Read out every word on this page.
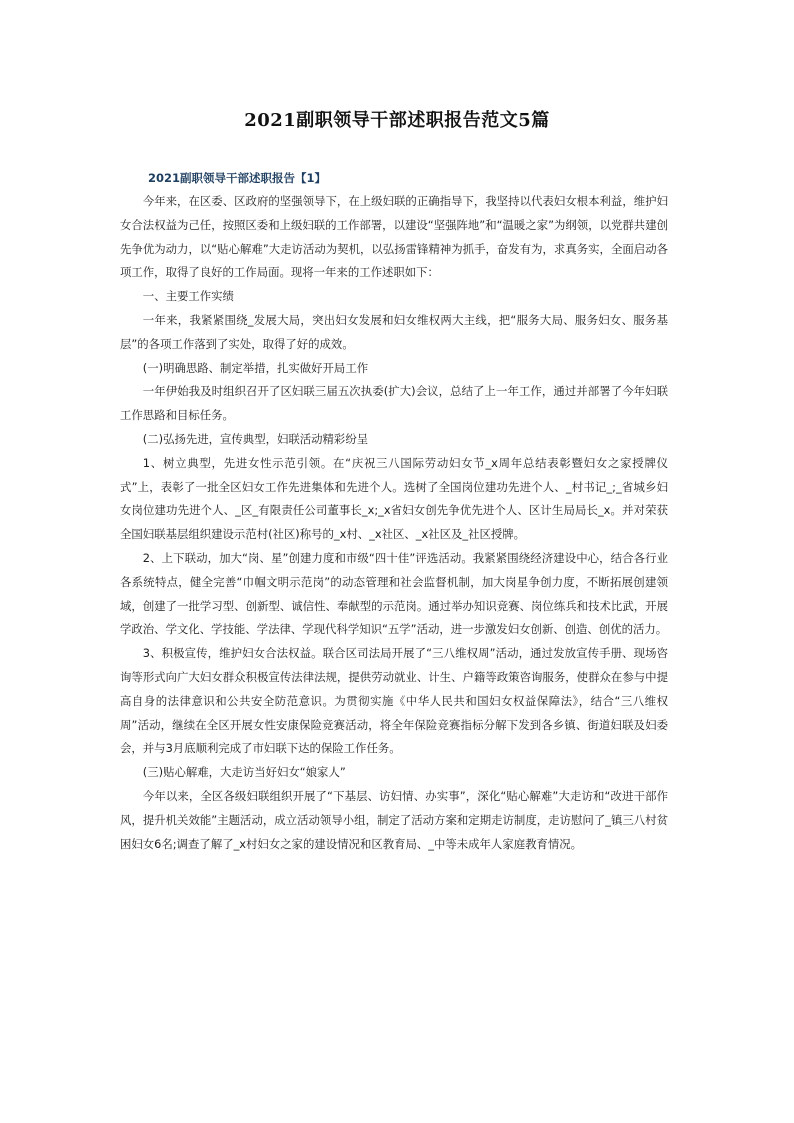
2021副职领导干部述职报告范文5篇
2021副职领导干部述职报告【1】

今年来，在区委、区政府的坚强领导下，在上级妇联的正确指导下，我坚持以代表妇女根本利益，维护妇女合法权益为己任，按照区委和上级妇联的工作部署，以建设“坚强阵地”和“温暖之家”为纲领，以党群共建创先争优为动力，以“贴心解难”大走访活动为契机，以弘扬雷锋精神为抓手，奋发有为，求真务实，全面启动各项工作，取得了良好的工作局面。现将一年来的工作述职如下：

一、主要工作实绩

一年来，我紧紧围绕_发展大局，突出妇女发展和妇女维权两大主线，把“服务大局、服务妇女、服务基层”的各项工作落到了实处，取得了好的成效。

(一)明确思路、制定举措，扎实做好开局工作

一年伊始我及时组织召开了区妇联三届五次执委(扩大)会议，总结了上一年工作，通过并部署了今年妇联工作思路和目标任务。

(二)弘扬先进，宣传典型，妇联活动精彩纷呈

1、树立典型，先进女性示范引领。在“庆祝三八国际劳动妇女节_x周年总结表彰暨妇女之家授牌仪式”上，表彰了一批全区妇女工作先进集体和先进个人。选树了全国岗位建功先进个人、_村书记_;_省城乡妇女岗位建功先进个人、_区_有限责任公司董事长_x;_x省妇女创先争优先进个人、区计生局局长_x。并对荣获全国妇联基层组织建设示范村(社区)称号的_x村、_x社区、_x社区及_社区授牌。

2、上下联动，加大“岗、星”创建力度和市级“四十佳”评选活动。我紧紧围绕经济建设中心，结合各行业各系统特点，健全完善“巾帼文明示范岗”的动态管理和社会监督机制，加大岗星争创力度，不断拓展创建领域，创建了一批学习型、创新型、诚信性、奉献型的示范岗。通过举办知识竞赛、岗位练兵和技术比武，开展学政治、学文化、学技能、学法律、学现代科学知识“五学”活动，进一步激发妇女创新、创造、创优的活力。

3、积极宣传，维护妇女合法权益。联合区司法局开展了“三八维权周”活动，通过发放宣传手册、现场咨询等形式向广大妇女群众积极宣传法律法规，提供劳动就业、计生、户籍等政策咨询服务，使群众在参与中提高自身的法律意识和公共安全防范意识。为贯彻实施《中华人民共和国妇女权益保障法》，结合“三八维权周”活动，继续在全区开展女性安康保险竞赛活动，将全年保险竞赛指标分解下发到各乡镇、街道妇联及妇委会，并与3月底顺利完成了市妇联下达的保险工作任务。

(三)贴心解难，大走访当好妇女“娘家人”

今年以来，全区各级妇联组织开展了“下基层、访妇情、办实事”，深化“贴心解难”大走访和“改进干部作风，提升机关效能”主题活动，成立活动领导小组，制定了活动方案和定期走访制度，走访慰问了_镇三八村贫困妇女6名;调查了解了_x村妇女之家的建设情况和区教育局、_中等未成年人家庭教育情况。
